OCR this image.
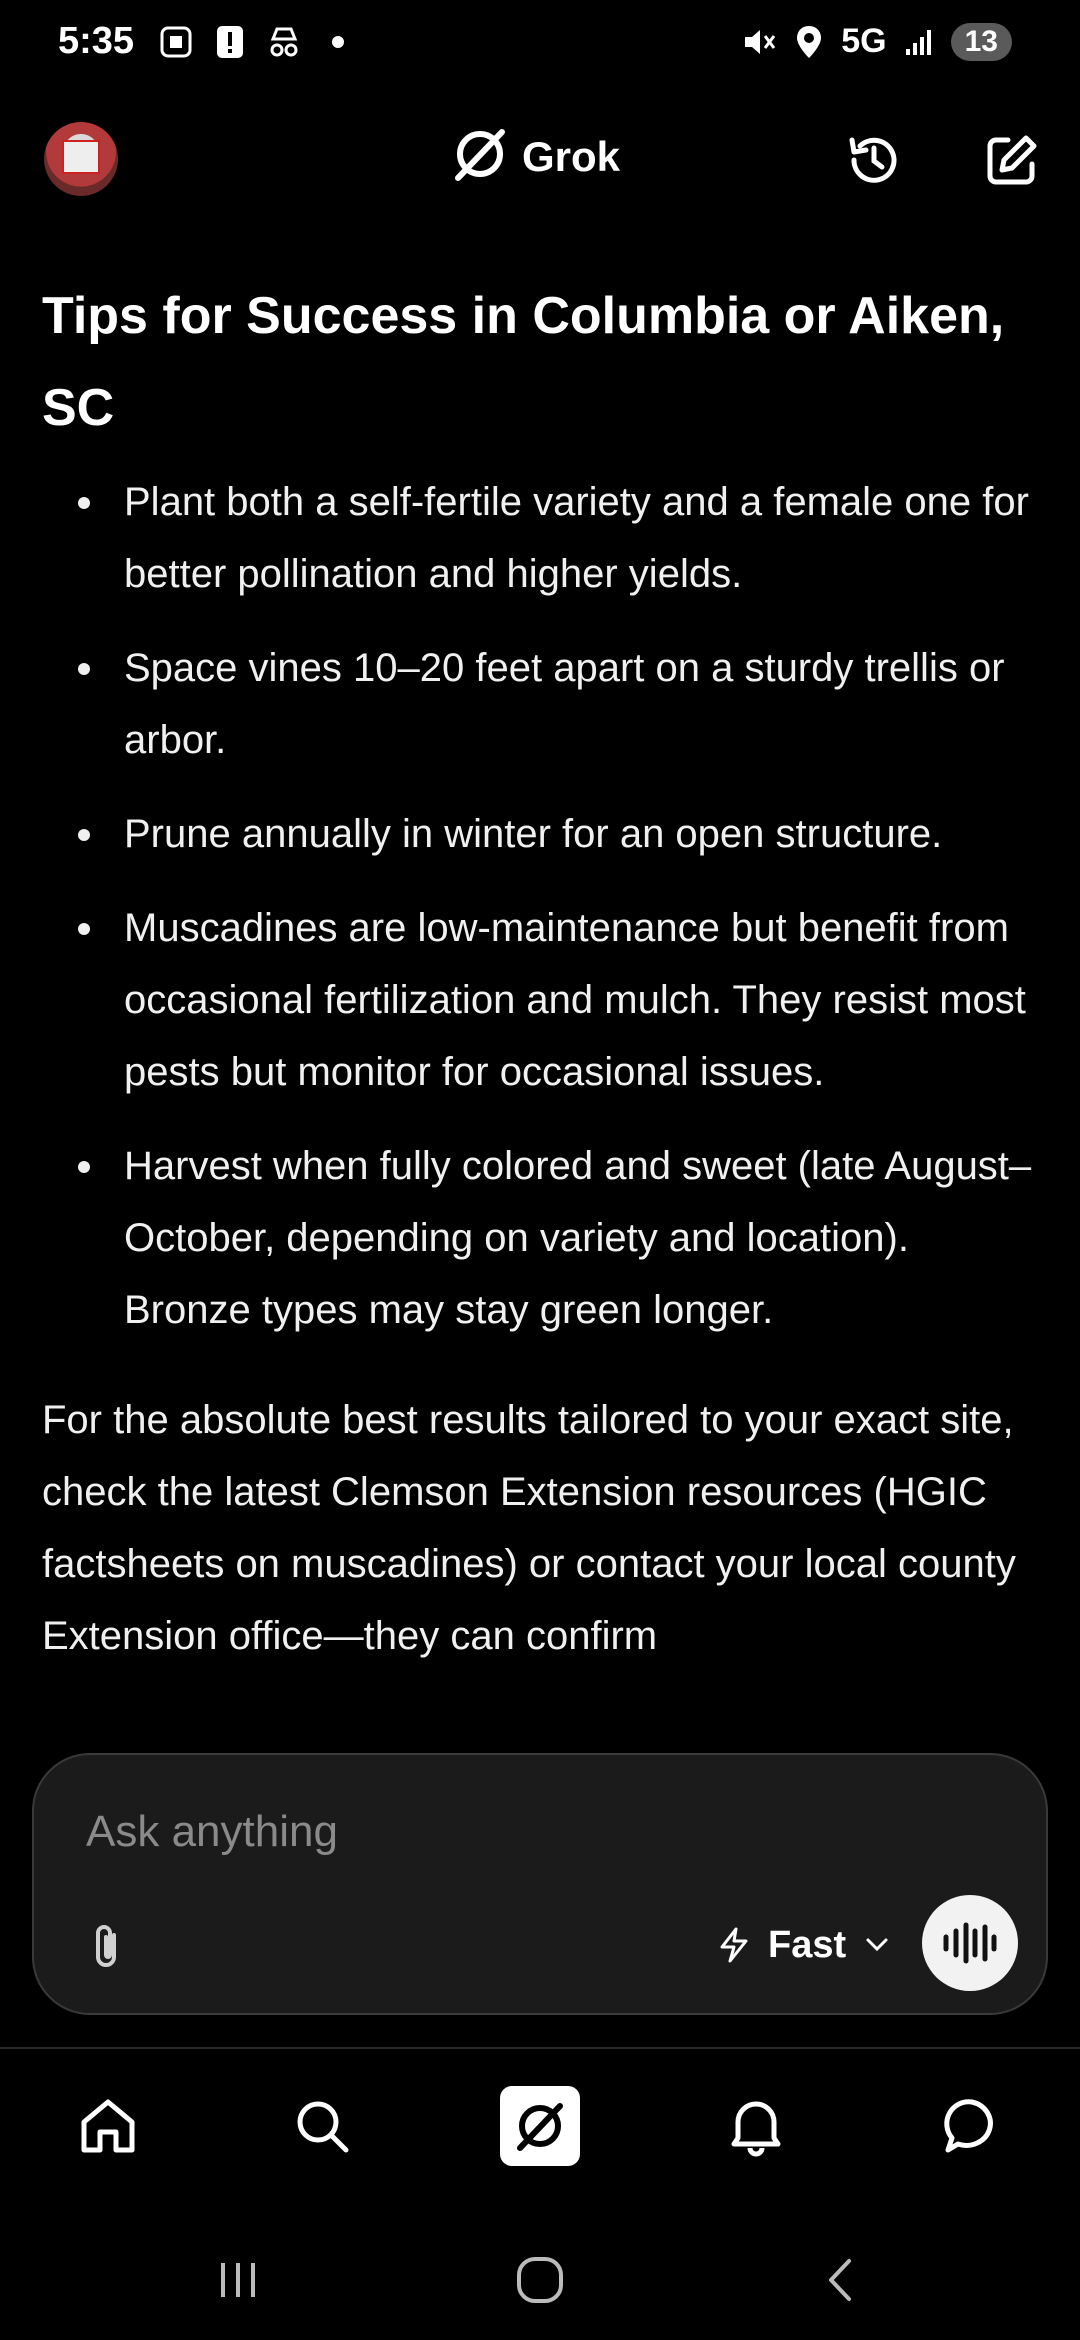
5:35	5G	13
Grok
Tips for Success in Columbia or Aiken, SC
Plant both a self-fertile variety and a female one for better pollination and higher yields.
Space vines 10–20 feet apart on a sturdy trellis or arbor.
Prune annually in winter for an open structure.
Muscadines are low-maintenance but benefit from occasional fertilization and mulch. They resist most pests but monitor for occasional issues.
Harvest when fully colored and sweet (late August–October, depending on variety and location). Bronze types may stay green longer.

For the absolute best results tailored to your exact site, check the latest Clemson Extension resources (HGIC factsheets on muscadines) or contact your local county Extension office—they can confirm

Ask anything
Fast
